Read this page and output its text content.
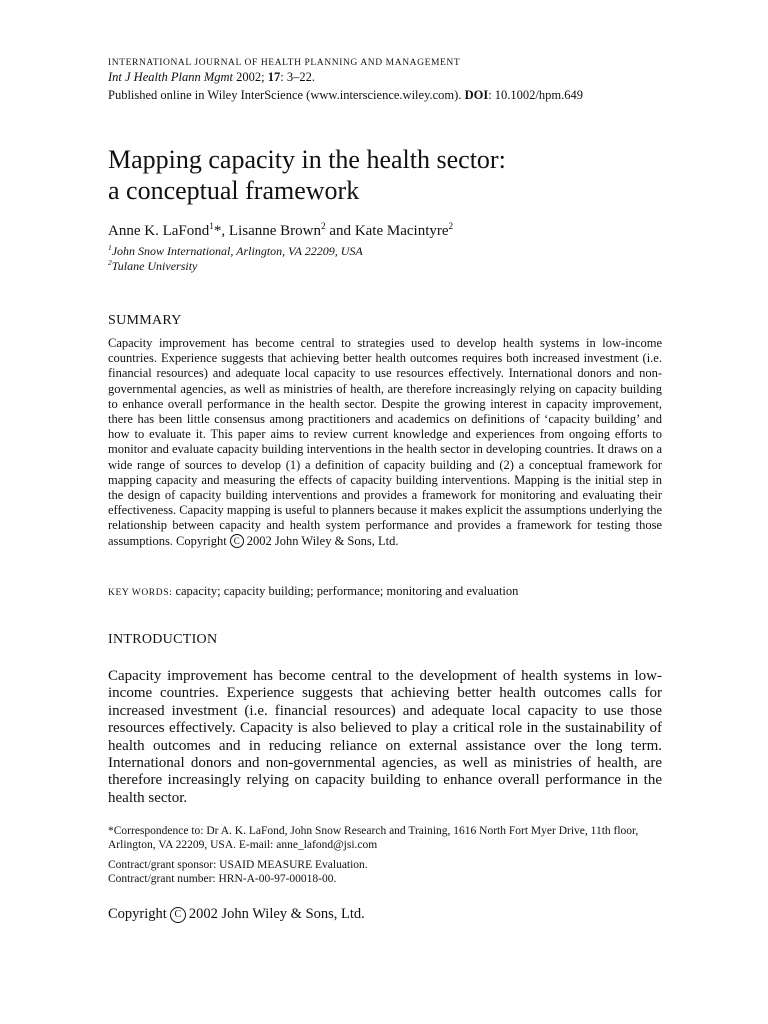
INTERNATIONAL JOURNAL OF HEALTH PLANNING AND MANAGEMENT
Int J Health Plann Mgmt 2002; 17: 3–22.
Published online in Wiley InterScience (www.interscience.wiley.com). DOI: 10.1002/hpm.649
Mapping capacity in the health sector:
a conceptual framework
Anne K. LaFond$^1$*, Lisanne Brown$^2$ and Kate Macintyre$^2$
$^1$John Snow International, Arlington, VA 22209, USA
$^2$Tulane University
SUMMARY

Capacity improvement has become central to strategies used to develop health systems in low-income countries. Experience suggests that achieving better health outcomes requires both increased investment (i.e. financial resources) and adequate local capacity to use resources effectively. International donors and non-governmental agencies, as well as ministries of health, are therefore increasingly relying on capacity building to enhance overall performance in the health sector. Despite the growing interest in capacity improvement, there has been little consensus among practitioners and academics on definitions of ‘capacity building’ and how to evaluate it. This paper aims to review current knowledge and experiences from ongoing efforts to monitor and evaluate capacity building interventions in the health sector in developing countries. It draws on a wide range of sources to develop (1) a definition of capacity building and (2) a conceptual framework for mapping capacity and measuring the effects of capacity building interventions. Mapping is the initial step in the design of capacity building interventions and provides a framework for monitoring and evaluating their effectiveness. Capacity mapping is useful to planners because it makes explicit the assumptions underlying the relationship between capacity and health system performance and provides a framework for testing those assumptions. Copyright C 2002 John Wiley & Sons, Ltd.

KEY WORDS: capacity; capacity building; performance; monitoring and evaluation
INTRODUCTION

Capacity improvement has become central to the development of health systems in low-income countries. Experience suggests that achieving better health outcomes calls for increased investment (i.e. financial resources) and adequate local capacity to use those resources effectively. Capacity is also believed to play a critical role in the sustainability of health outcomes and in reducing reliance on external assistance over the long term. International donors and non-governmental agencies, as well as ministries of health, are therefore increasingly relying on capacity building to enhance overall performance in the health sector.

*Correspondence to: Dr A. K. LaFond, John Snow Research and Training, 1616 North Fort Myer Drive, 11th floor, Arlington, VA 22209, USA. E-mail: anne_lafond@jsi.com
Contract/grant sponsor: USAID MEASURE Evaluation.
Contract/grant number: HRN-A-00-97-00018-00.
Copyright C 2002 John Wiley & Sons, Ltd.
